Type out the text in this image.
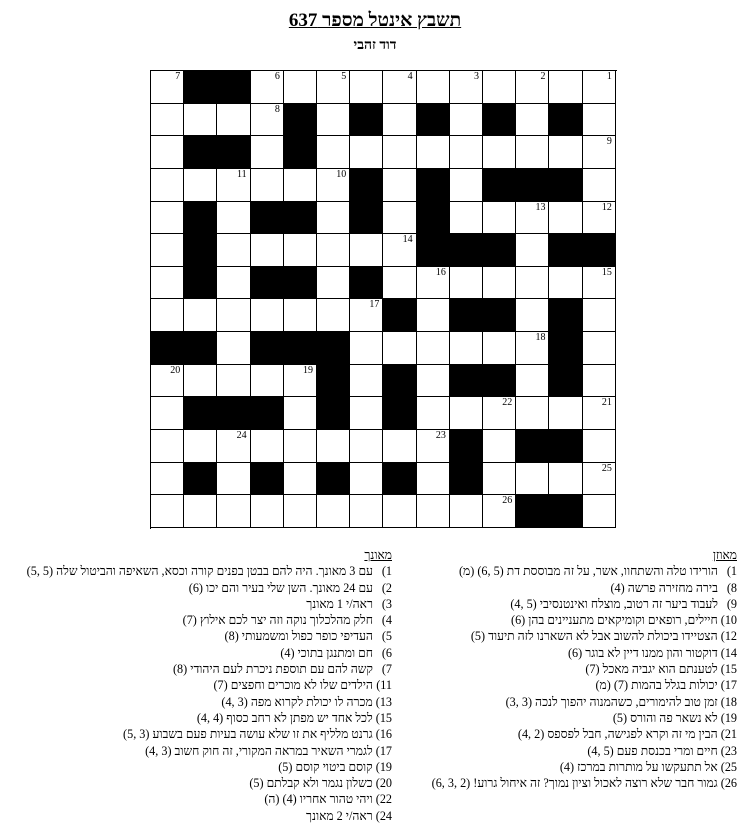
תשבץ אינטל מספר 637
דוד זהבי
7	6	5	4	3	2	1
8
9
11	10
13	12
14
16	15
17
18
20	19
22	21
24	23
25
26
מאוזן
1) הורידו טלה והשתחוו, אשר, על זה מבוססת דת (5 ,6) (מ)
8) בירה מחזירה פרשה (4)
9) לעבוד ביער זה רטוב, מוצלח ואינטנסיבי (5 ,4)
10) חיילים, רופאים וקומיקאים מתעניינים בהן (6)
12) הצטיידו ביכולת להשוב אבל לא השארנו לזה תיעוד (5)
14) דוקטור והון ממנו דיין לא בוגר (6)
15) לטענתם הוא יגביה מאכל (7)
17) יכולות בגלל בהמות (7) (מ)
18) זמן טוב להימורים, כשהמנוה יהפוך לנכה (3 ,3)
19) לא נשאר פה והורס (5)
21) הבין מי זה וקרא לפגישה, חבל לפספס (2 ,4)
23) חיים ומרי בכנסת פעם (5 ,4)
25) אל תתעקשו על מותרות במרכז (4)
26) גמור חבר שלא רוצה לאכול וציון נמוך? זה איחול גרוע! (2 ,3 ,6)
מאונך
1) עם 3 מאונך. היה להם בבטן בפנים קורה וכסא, השאיפה והביטול שלה (5 ,5)
2) עם 24 מאונך. השן שלי בעיר והם יכו (6)
3) ראה/י 1 מאונך
4) חלק מהלכלוך נוקה וזה יצר לכם אילוץ (7)
5) העדיפי כופר כפול ומשמעותי (8)
6) חם ומתנגן בתוכי (4)
7) קשה להם עם תוספת ניכרת לעם היהודי (8)
11) הילדים שלו לא מוכרים וחפצים (7)
13) מכרה לו יכולת לקרוא מפה (3 ,4)
15) לכל אחד יש מפתן לא רחב כסוף (4 ,4)
16) גרנט מלליף את זו שלא עושה בעיות פעם בשבוע (3 ,5)
17) לגמרי השאיר במראה המקורי, זה חוק חשוב (3 ,4)
19) קוסם ביטוי קוסם (5)
20) כשלון נגמר ולא קבלתם (5)
22) ויהי טהור אחריו (4) (ה)
24) ראה/י 2 מאונך
